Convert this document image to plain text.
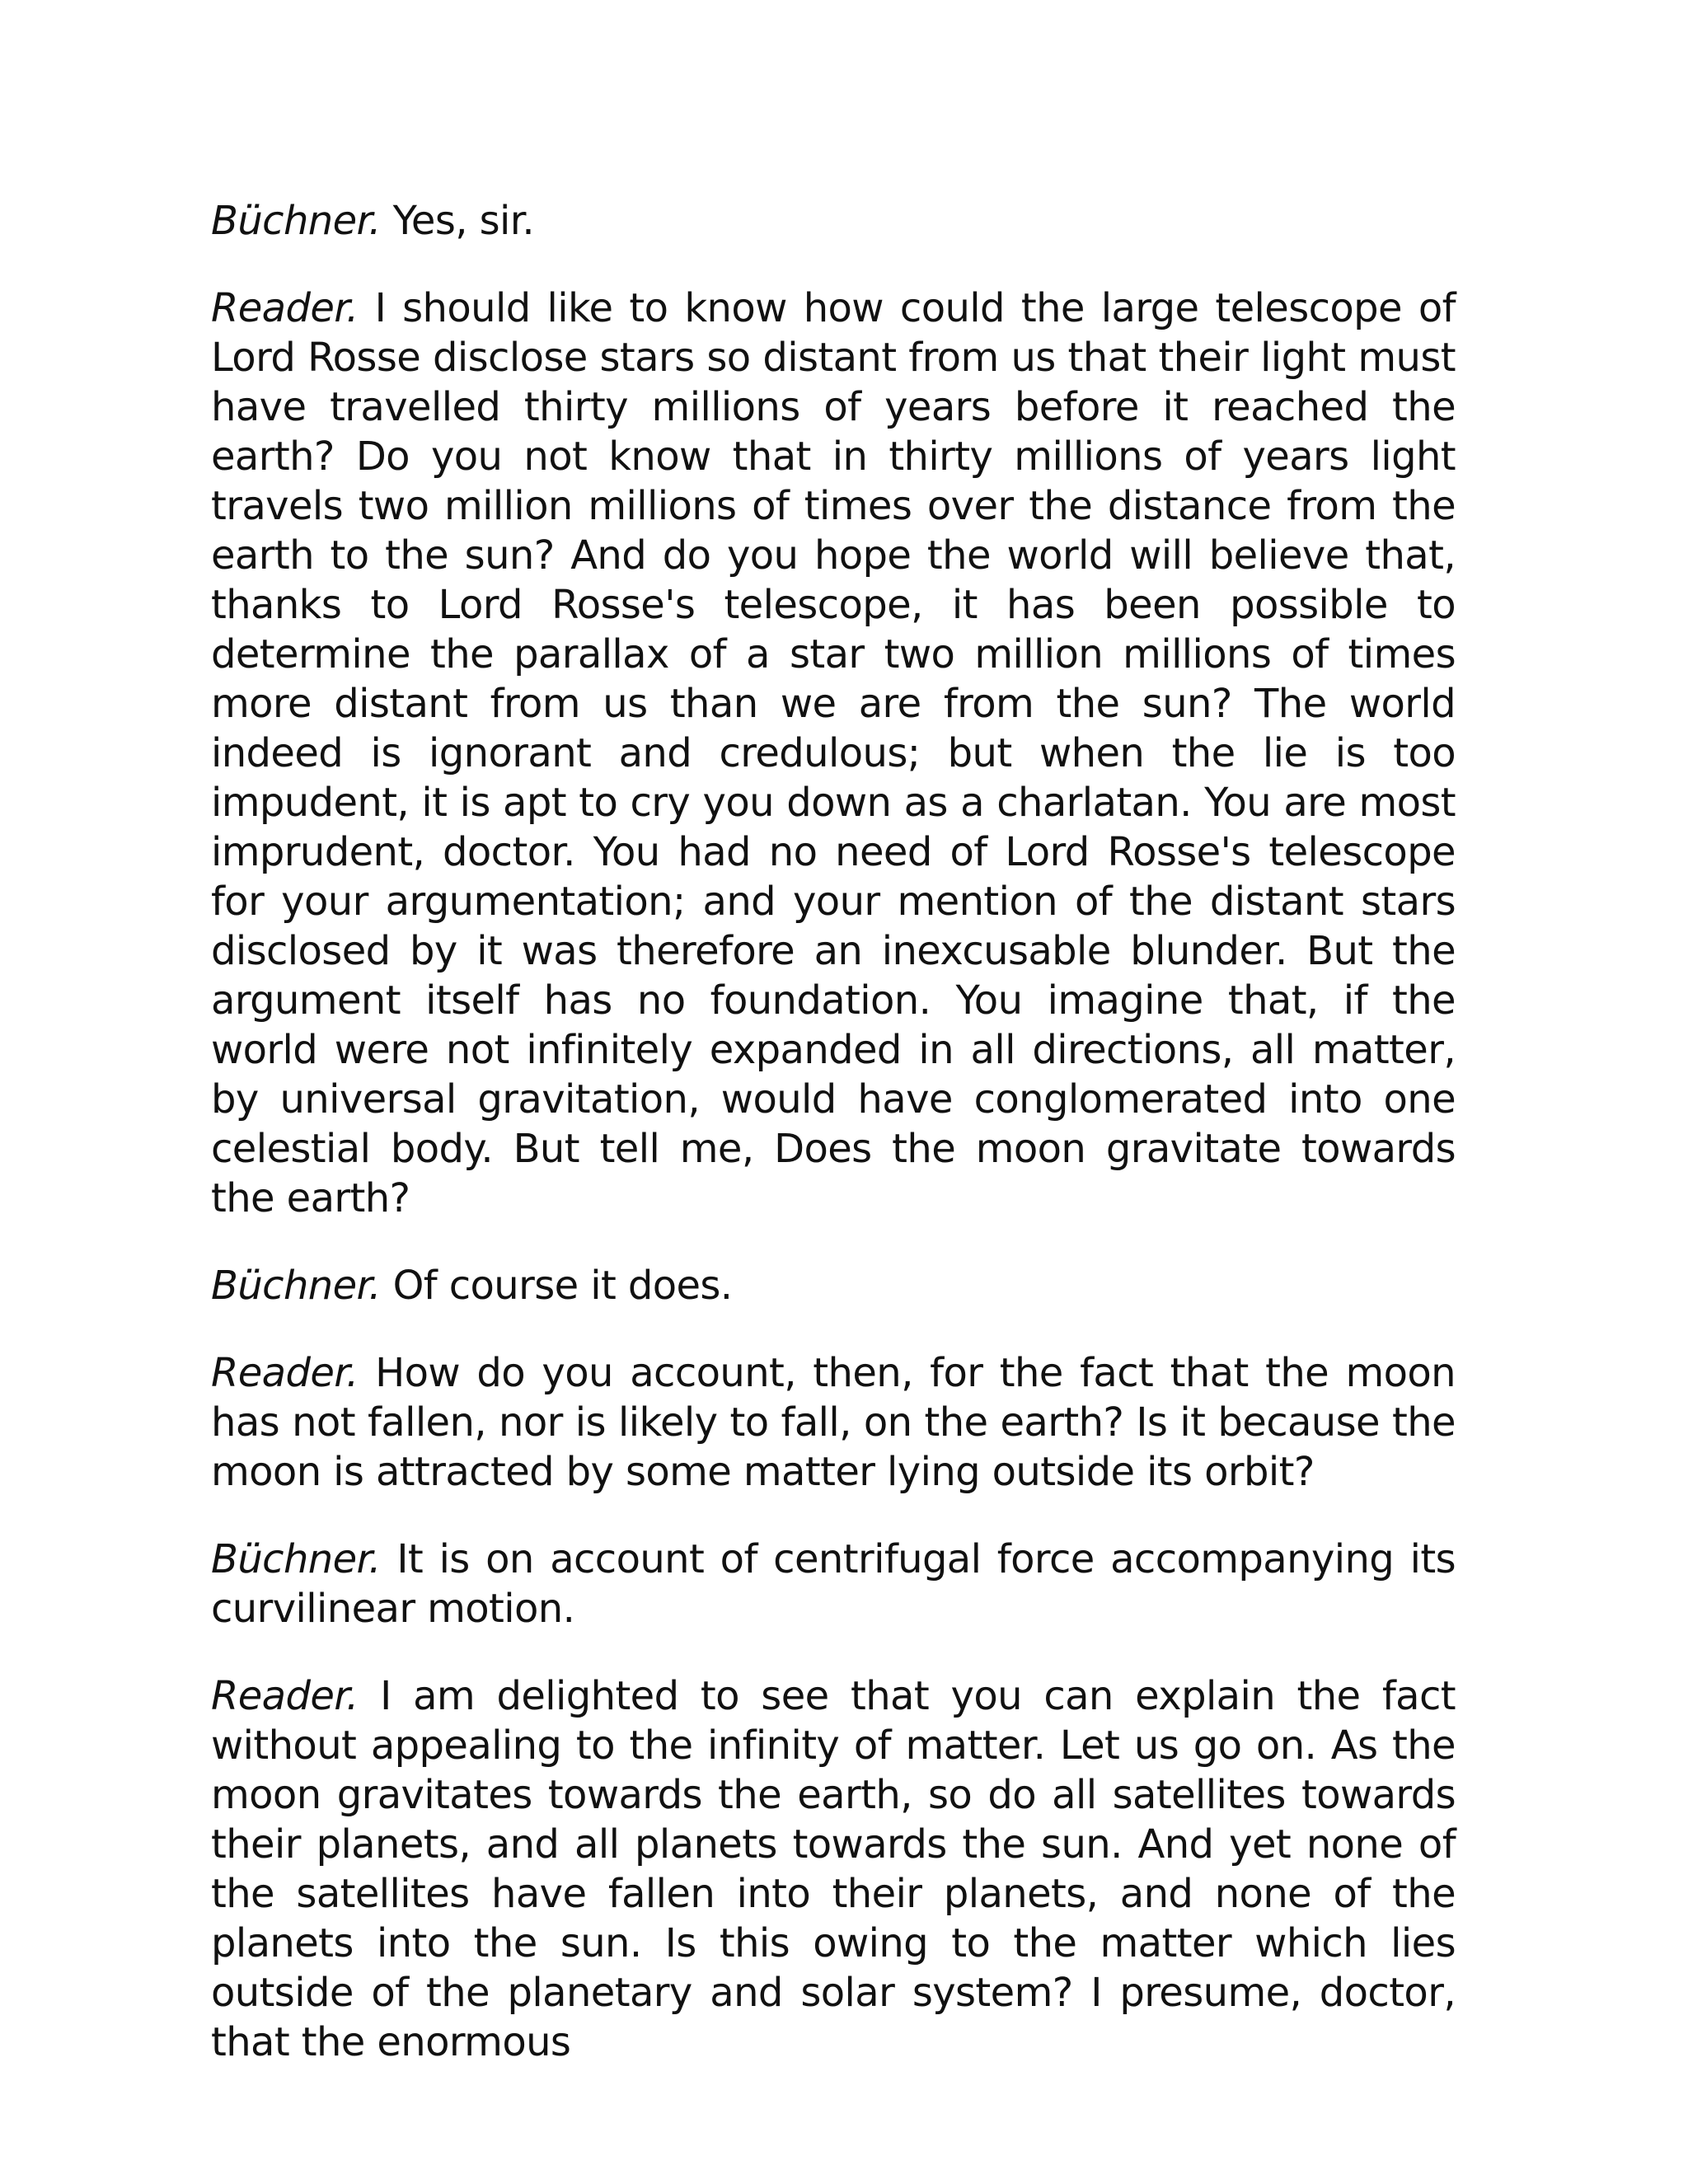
Büchner. Yes, sir.

Reader. I should like to know how could the large telescope of Lord Rosse disclose stars so distant from us that their light must have travelled thirty millions of years before it reached the earth? Do you not know that in thirty millions of years light travels two million millions of times over the distance from the earth to the sun? And do you hope the world will believe that, thanks to Lord Rosse's telescope, it has been possible to determine the parallax of a star two million millions of times more distant from us than we are from the sun? The world indeed is ignorant and credulous; but when the lie is too impudent, it is apt to cry you down as a charlatan. You are most imprudent, doctor. You had no need of Lord Rosse's telescope for your argumentation; and your mention of the distant stars disclosed by it was therefore an inexcusable blunder. But the argument itself has no foundation. You imagine that, if the world were not infinitely expanded in all directions, all matter, by universal gravitation, would have conglomerated into one celestial body. But tell me, Does the moon gravitate towards the earth?

Büchner. Of course it does.

Reader. How do you account, then, for the fact that the moon has not fallen, nor is likely to fall, on the earth? Is it because the moon is attracted by some matter lying outside its orbit?

Büchner. It is on account of centrifugal force accompanying its curvilinear motion.

Reader. I am delighted to see that you can explain the fact without appealing to the infinity of matter. Let us go on. As the moon gravitates towards the earth, so do all satellites towards their planets, and all planets towards the sun. And yet none of the satellites have fallen into their planets, and none of the planets into the sun. Is this owing to the matter which lies outside of the planetary and solar system? I presume, doctor, that the enormous
